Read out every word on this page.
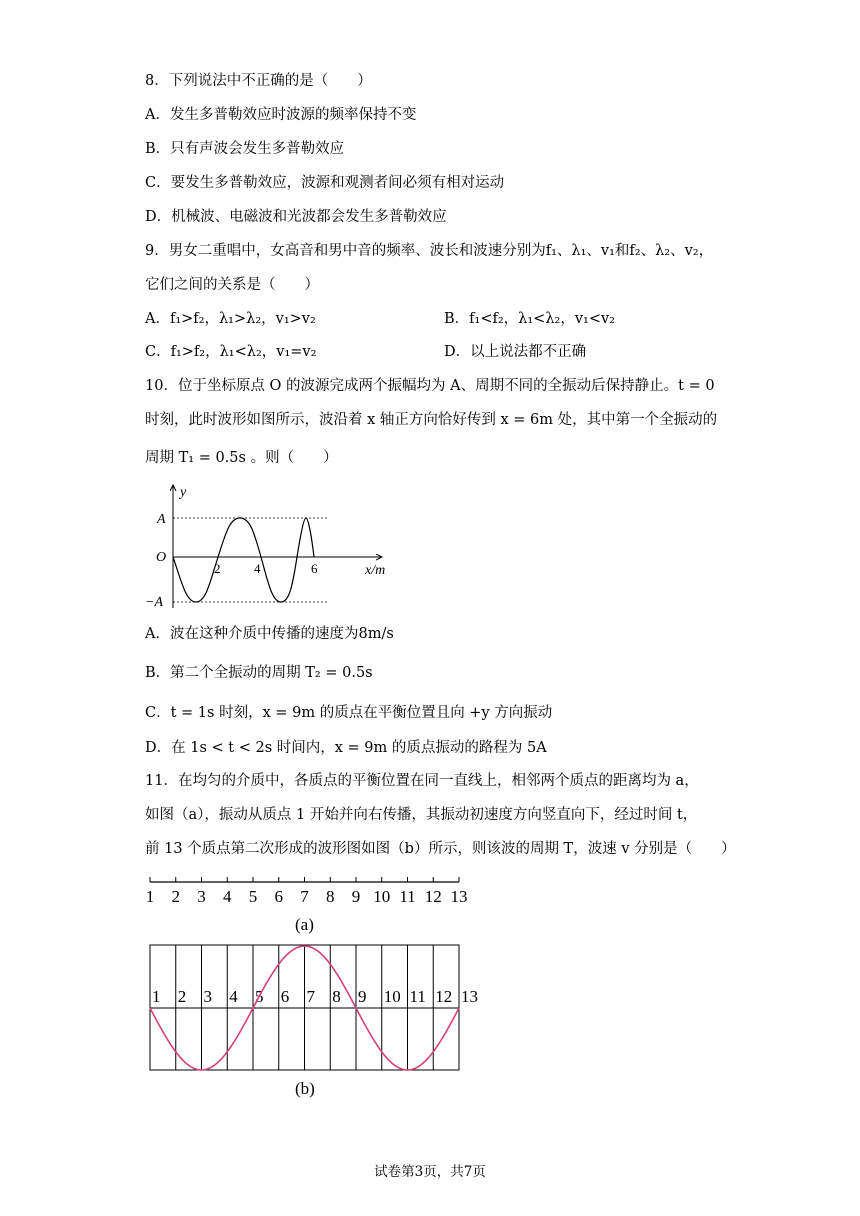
8．下列说法中不正确的是（　　）
A．发生多普勒效应时波源的频率保持不变
B．只有声波会发生多普勒效应
C．要发生多普勒效应，波源和观测者间必须有相对运动
D．机械波、电磁波和光波都会发生多普勒效应
9．男女二重唱中，女高音和男中音的频率、波长和波速分别为f₁、λ₁、v₁和f₂、λ₂、v₂，
它们之间的关系是（　　）
A．f₁>f₂，λ₁>λ₂，v₁>v₂	B．f₁<f₂，λ₁<λ₂，v₁<v₂
C．f₁>f₂，λ₁<λ₂，v₁=v₂	D．以上说法都不正确
10．位于坐标原点 O 的波源完成两个振幅均为 A、周期不同的全振动后保持静止。t = 0
时刻，此时波形如图所示，波沿着 x 轴正方向恰好传到 x = 6m 处，其中第一个全振动的
周期 T₁ = 0.5s 。则（　　）
y
A
O
−A
2	4	6	x/m
A．波在这种介质中传播的速度为8m/s
B．第二个全振动的周期 T₂ = 0.5s
C．t = 1s 时刻，x = 9m 的质点在平衡位置且向 +y 方向振动
D．在 1s < t < 2s 时间内，x = 9m 的质点振动的路程为 5A
11．在均匀的介质中，各质点的平衡位置在同一直线上，相邻两个质点的距离均为 a，
如图（a），振动从质点 1 开始并向右传播，其振动初速度方向竖直向下，经过时间 t，
前 13 个质点第二次形成的波形图如图（b）所示，则该波的周期 T，波速 v 分别是（　　）
1 2 3 4 5 6 7 8 9 10 11 12 13
(a)
1 2 3 4 5 6 7 8 9 10 11 12 13
(b)
试卷第3页，共7页
